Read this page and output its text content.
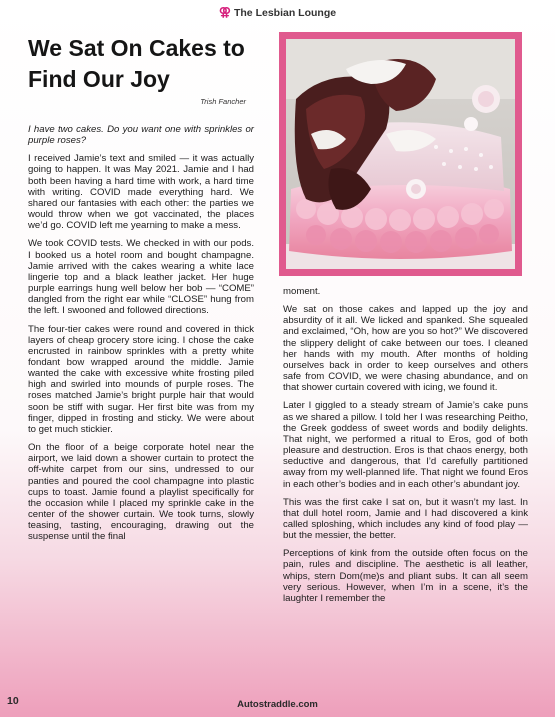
⚢ The Lesbian Lounge
We Sat On Cakes to
Find Our Joy
Trish Fancher

I have two cakes. Do you want one with sprinkles or purple roses?

I received Jamie’s text and smiled — it was actually going to happen. It was May 2021. Jamie and I had both been having a hard time with work, a hard time with writing. COVID made everything hard. We shared our fantasies with each other: the parties we would throw when we got vaccinated, the places we’d go. COVID left me yearning to make a mess.

We took COVID tests. We checked in with our pods. I booked us a hotel room and bought champagne. Jamie arrived with the cakes wearing a white lace lingerie top and a black leather jacket. Her huge purple earrings hung well below her bob — “COME” dangled from the right ear while “CLOSE” hung from the left. I swooned and followed directions.

The four-tier cakes were round and covered in thick layers of cheap grocery store icing. I chose the cake encrusted in rainbow sprinkles with a pretty white fondant bow wrapped around the middle. Jamie wanted the cake with excessive white frosting piled high and swirled into mounds of purple roses. The roses matched Jamie’s bright purple hair that would soon be stiff with sugar. Her first bite was from my finger, dipped in frosting and sticky. We were about to get much stickier.

On the floor of a beige corporate hotel near the airport, we laid down a shower curtain to protect the off-white carpet from our sins, undressed to our panties and poured the cool champagne into plastic cups to toast. Jamie found a playlist specifically for the occasion while I placed my sprinkle cake in the center of the shower curtain. We took turns, slowly teasing, tasting, encouraging, drawing out the suspense until the final

moment.

We sat on those cakes and lapped up the joy and absurdity of it all. We licked and spanked. She squealed and exclaimed, “Oh, how are you so hot?” We discovered the slippery delight of cake between our toes. I cleaned her hands with my mouth. After months of holding ourselves back in order to keep ourselves and others safe from COVID, we were chasing abundance, and on that shower curtain covered with icing, we found it.

Later I giggled to a steady stream of Jamie’s cake puns as we shared a pillow. I told her I was researching Peitho, the Greek goddess of sweet words and bodily delights. That night, we performed a ritual to Eros, god of both pleasure and destruction. Eros is that chaos energy, both seductive and dangerous, that I’d carefully partitioned away from my well-planned life. That night we found Eros in each other’s bodies and in each other’s abundant joy.

This was the first cake I sat on, but it wasn’t my last. In that dull hotel room, Jamie and I had discovered a kink called sploshing, which includes any kind of food play — but the messier, the better.

Perceptions of kink from the outside often focus on the pain, rules and discipline. The aesthetic is all leather, whips, stern Dom(me)s and pliant subs. It can all seem very serious. However, when I’m in a scene, it’s the laughter I remember the

10	Autostraddle.com
